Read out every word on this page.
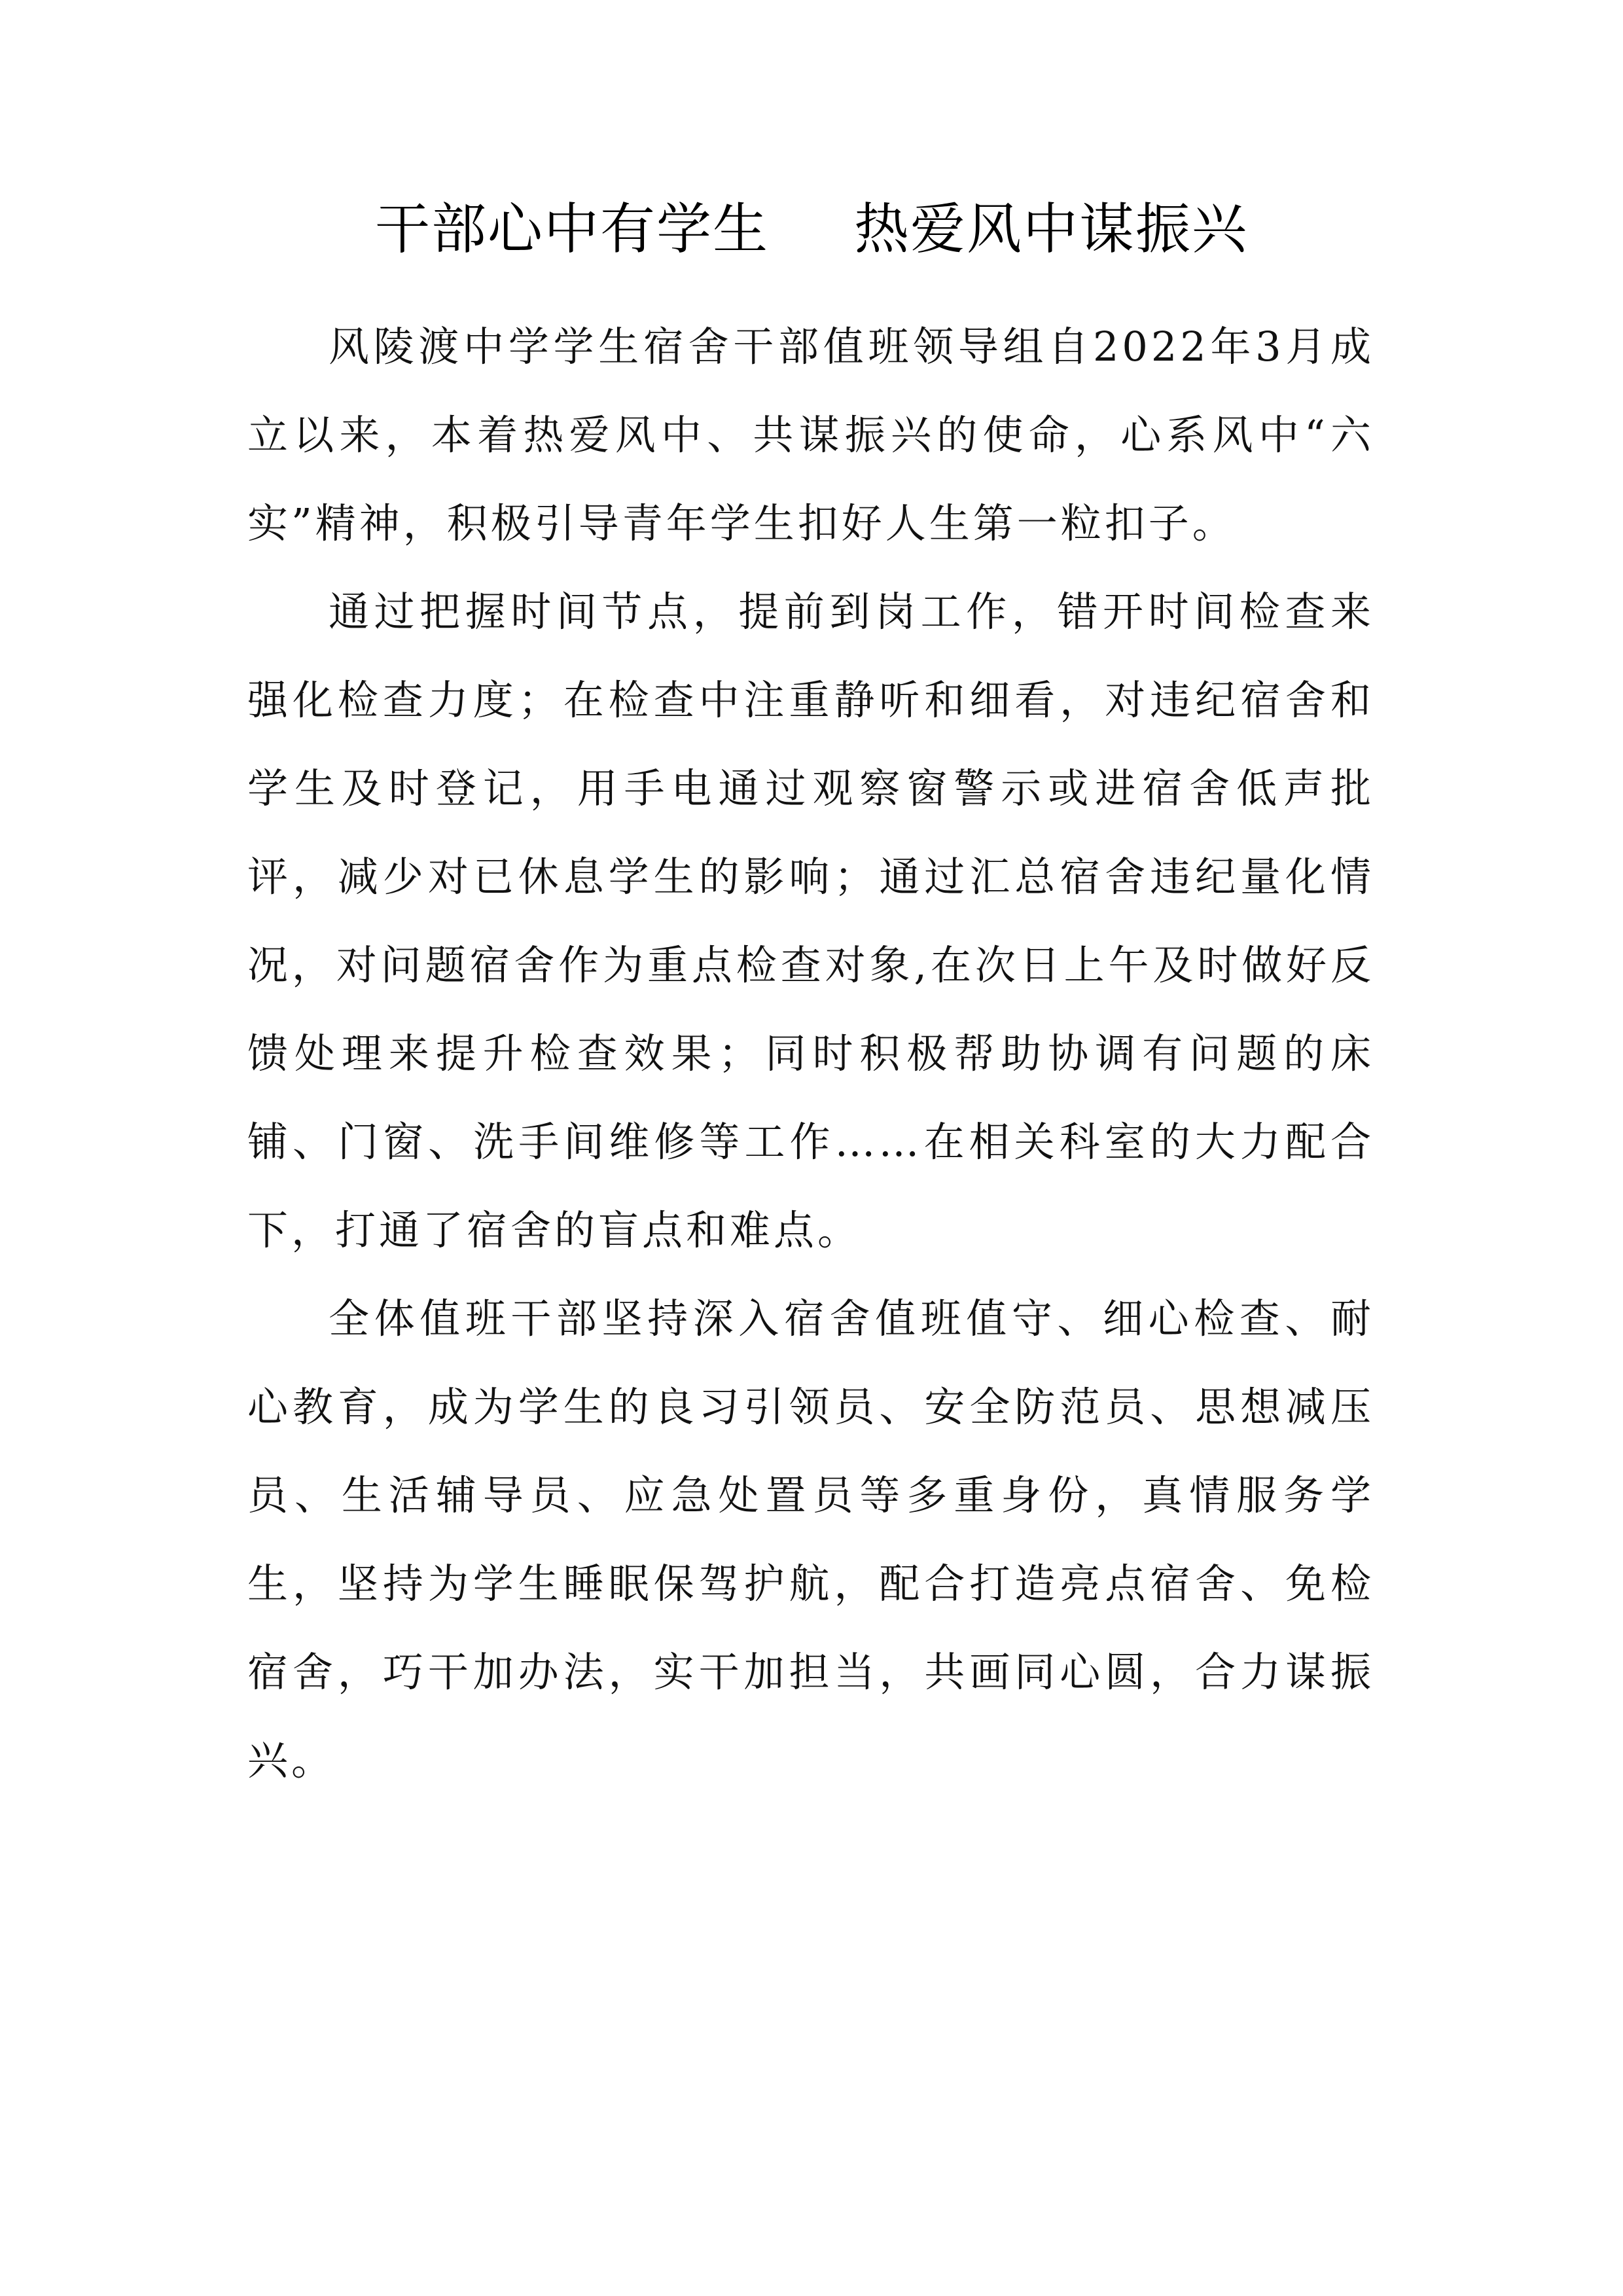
干部心中有学生 热爱风中谋振兴

风陵渡中学学生宿舍干部值班领导组自2022年3月成立以来，本着热爱风中、共谋振兴的使命，心系风中“六实”精神，积极引导青年学生扣好人生第一粒扣子。

通过把握时间节点，提前到岗工作，错开时间检查来强化检查力度；在检查中注重静听和细看，对违纪宿舍和学生及时登记，用手电通过观察窗警示或进宿舍低声批评，减少对已休息学生的影响；通过汇总宿舍违纪量化情况，对问题宿舍作为重点检查对象,在次日上午及时做好反馈处理来提升检查效果；同时积极帮助协调有问题的床铺、门窗、洗手间维修等工作……在相关科室的大力配合下，打通了宿舍的盲点和难点。

全体值班干部坚持深入宿舍值班值守、细心检查、耐心教育，成为学生的良习引领员、安全防范员、思想减压员、生活辅导员、应急处置员等多重身份，真情服务学生，坚持为学生睡眠保驾护航，配合打造亮点宿舍、免检宿舍，巧干加办法，实干加担当，共画同心圆，合力谋振兴。
